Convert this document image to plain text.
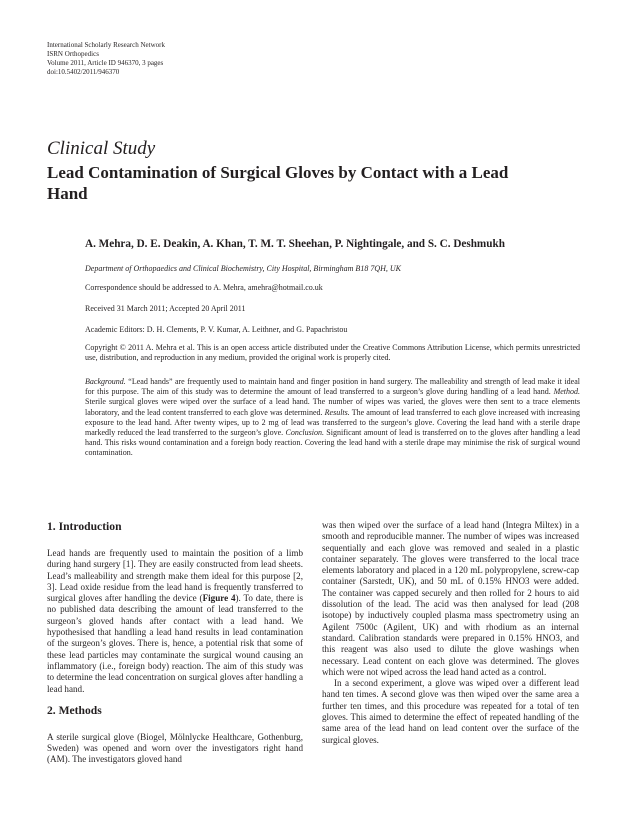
International Scholarly Research Network
ISRN Orthopedics
Volume 2011, Article ID 946370, 3 pages
doi:10.5402/2011/946370
Clinical Study
Lead Contamination of Surgical Gloves by Contact with a Lead Hand
A. Mehra, D. E. Deakin, A. Khan, T. M. T. Sheehan, P. Nightingale, and S. C. Deshmukh
Department of Orthopaedics and Clinical Biochemistry, City Hospital, Birmingham B18 7QH, UK
Correspondence should be addressed to A. Mehra, amehra@hotmail.co.uk
Received 31 March 2011; Accepted 20 April 2011
Academic Editors: D. H. Clements, P. V. Kumar, A. Leithner, and G. Papachristou
Copyright © 2011 A. Mehra et al. This is an open access article distributed under the Creative Commons Attribution License, which permits unrestricted use, distribution, and reproduction in any medium, provided the original work is properly cited.
Background. “Lead hands” are frequently used to maintain hand and finger position in hand surgery. The malleability and strength of lead make it ideal for this purpose. The aim of this study was to determine the amount of lead transferred to a surgeon’s glove during handling of a lead hand. Method. Sterile surgical gloves were wiped over the surface of a lead hand. The number of wipes was varied, the gloves were then sent to a trace elements laboratory, and the lead content transferred to each glove was determined. Results. The amount of lead transferred to each glove increased with increasing exposure to the lead hand. After twenty wipes, up to 2 mg of lead was transferred to the surgeon’s glove. Covering the lead hand with a sterile drape markedly reduced the lead transferred to the surgeon’s glove. Conclusion. Significant amount of lead is transferred on to the gloves after handling a lead hand. This risks wound contamination and a foreign body reaction. Covering the lead hand with a sterile drape may minimise the risk of surgical wound contamination.
1. Introduction

Lead hands are frequently used to maintain the position of a limb during hand surgery [1]. They are easily constructed from lead sheets. Lead’s malleability and strength make them ideal for this purpose [2, 3]. Lead oxide residue from the lead hand is frequently transferred to surgical gloves after handling the device (Figure 4). To date, there is no published data describing the amount of lead transferred to the surgeon’s gloved hands after contact with a lead hand. We hypothesised that handling a lead hand results in lead contamination of the surgeon’s gloves. There is, hence, a potential risk that some of these lead particles may contaminate the surgical wound causing an inflammatory (i.e., foreign body) reaction. The aim of this study was to determine the lead concentration on surgical gloves after handling a lead hand.

2. Methods

A sterile surgical glove (Biogel, Mölnlycke Healthcare, Gothenburg, Sweden) was opened and worn over the investigators right hand (AM). The investigators gloved hand

was then wiped over the surface of a lead hand (Integra Miltex) in a smooth and reproducible manner. The number of wipes was increased sequentially and each glove was removed and sealed in a plastic container separately. The gloves were transferred to the local trace elements laboratory and placed in a 120 mL polypropylene, screw-cap container (Sarstedt, UK), and 50 mL of 0.15% HNO3 were added. The container was capped securely and then rolled for 2 hours to aid dissolution of the lead. The acid was then analysed for lead (208 isotope) by inductively coupled plasma mass spectrometry using an Agilent 7500c (Agilent, UK) and with rhodium as an internal standard. Calibration standards were prepared in 0.15% HNO3, and this reagent was also used to dilute the glove washings when necessary. Lead content on each glove was determined. The gloves which were not wiped across the lead hand acted as a control.

In a second experiment, a glove was wiped over a different lead hand ten times. A second glove was then wiped over the same area a further ten times, and this procedure was repeated for a total of ten gloves. This aimed to determine the effect of repeated handling of the same area of the lead hand on lead content over the surface of the surgical gloves.
